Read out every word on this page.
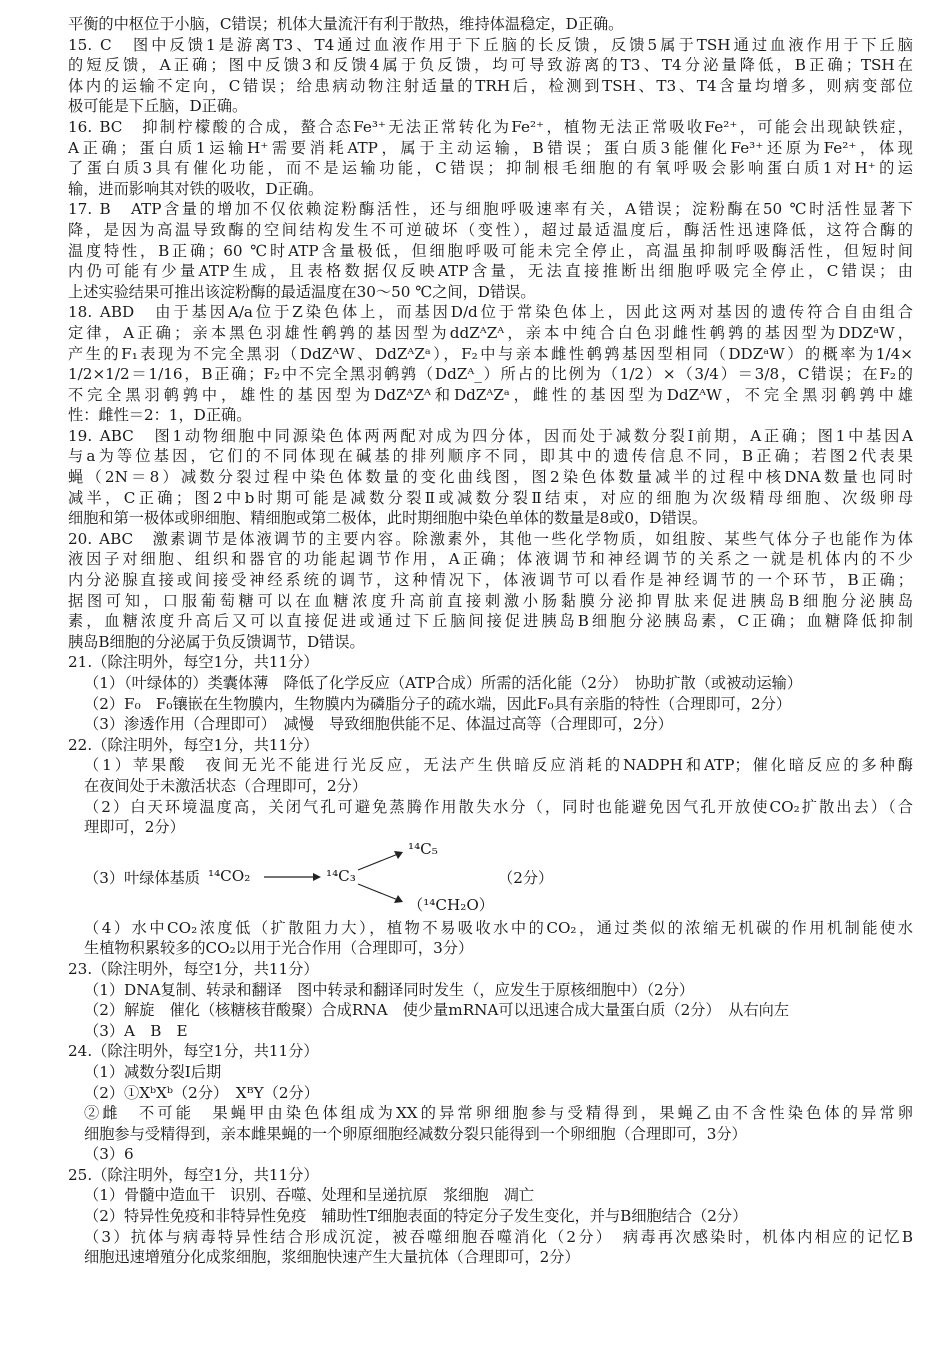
平衡的中枢位于小脑，C错误；机体大量流汗有利于散热，维持体温稳定，D正确。
15. C　图中反馈1是游离T3、T4通过血液作用于下丘脑的长反馈，反馈5属于TSH通过血液作用于下丘脑
的短反馈，A正确；图中反馈3和反馈4属于负反馈，均可导致游离的T3、T4分泌量降低，B正确；TSH在
体内的运输不定向，C错误；给患病动物注射适量的TRH后，检测到TSH、T3、T4含量均增多，则病变部位
极可能是下丘脑，D正确。
16. BC　抑制柠檬酸的合成，螯合态Fe³⁺无法正常转化为Fe²⁺，植物无法正常吸收Fe²⁺，可能会出现缺铁症，
A正确；蛋白质1运输H⁺需要消耗ATP，属于主动运输，B错误；蛋白质3能催化Fe³⁺还原为Fe²⁺，体现
了蛋白质3具有催化功能，而不是运输功能，C错误；抑制根毛细胞的有氧呼吸会影响蛋白质1对H⁺的运
输，进而影响其对铁的吸收，D正确。
17. B　ATP含量的增加不仅依赖淀粉酶活性，还与细胞呼吸速率有关，A错误；淀粉酶在50 ℃时活性显著下
降，是因为高温导致酶的空间结构发生不可逆破坏（变性），超过最适温度后，酶活性迅速降低，这符合酶的
温度特性，B正确；60 ℃时ATP含量极低，但细胞呼吸可能未完全停止，高温虽抑制呼吸酶活性，但短时间
内仍可能有少量ATP生成，且表格数据仅反映ATP含量，无法直接推断出细胞呼吸完全停止，C错误；由
上述实验结果可推出该淀粉酶的最适温度在30～50 ℃之间，D错误。
18. ABD　由于基因A/a位于Z染色体上，而基因D/d位于常染色体上，因此这两对基因的遗传符合自由组合
定律，A正确；亲本黑色羽雄性鹌鹑的基因型为ddZᴬZᴬ，亲本中纯合白色羽雌性鹌鹑的基因型为DDZᵃW，
产生的F₁表现为不完全黑羽（DdZᴬW、DdZᴬZᵃ），F₂中与亲本雌性鹌鹑基因型相同（DDZᵃW）的概率为1/4×
1/2×1/2＝1/16，B正确；F₂中不完全黑羽鹌鹑（DdZᴬ_）所占的比例为（1/2）×（3/4）＝3/8，C错误；在F₂的
不完全黑羽鹌鹑中，雄性的基因型为DdZᴬZᴬ和DdZᴬZᵃ，雌性的基因型为DdZᴬW，不完全黑羽鹌鹑中雄
性：雌性＝2：1，D正确。
19. ABC　图1动物细胞中同源染色体两两配对成为四分体，因而处于减数分裂Ⅰ前期，A正确；图1中基因A
与a为等位基因，它们的不同体现在碱基的排列顺序不同，即其中的遗传信息不同，B正确；若图2代表果
蝇（2N＝8）减数分裂过程中染色体数量的变化曲线图，图2染色体数量减半的过程中核DNA数量也同时
减半，C正确；图2中b时期可能是减数分裂Ⅱ或减数分裂Ⅱ结束，对应的细胞为次级精母细胞、次级卵母
细胞和第一极体或卵细胞、精细胞或第二极体，此时期细胞中染色单体的数量是8或0，D错误。
20. ABC　激素调节是体液调节的主要内容。除激素外，其他一些化学物质，如组胺、某些气体分子也能作为体
液因子对细胞、组织和器官的功能起调节作用，A正确；体液调节和神经调节的关系之一就是机体内的不少
内分泌腺直接或间接受神经系统的调节，这种情况下，体液调节可以看作是神经调节的一个环节，B正确；
据图可知，口服葡萄糖可以在血糖浓度升高前直接刺激小肠黏膜分泌抑胃肽来促进胰岛B细胞分泌胰岛
素，血糖浓度升高后又可以直接促进或通过下丘脑间接促进胰岛B细胞分泌胰岛素，C正确；血糖降低抑制
胰岛B细胞的分泌属于负反馈调节，D错误。
21.（除注明外，每空1分，共11分）
（1）（叶绿体的）类囊体薄　降低了化学反应（ATP合成）所需的活化能（2分）　协助扩散（或被动运输）
（2）F₀　F₀镶嵌在生物膜内，生物膜内为磷脂分子的疏水端，因此F₀具有亲脂的特性（合理即可，2分）
（3）渗透作用（合理即可）　减慢　导致细胞供能不足、体温过高等（合理即可，2分）
22.（除注明外，每空1分，共11分）
（1）苹果酸　夜间无光不能进行光反应，无法产生供暗反应消耗的NADPH和ATP；催化暗反应的多种酶
在夜间处于未激活状态（合理即可，2分）
（2）白天环境温度高，关闭气孔可避免蒸腾作用散失水分（，同时也能避免因气孔开放使CO₂扩散出去）（合
理即可，2分）
（3）叶绿体基质 ¹⁴CO₂	¹⁴C₃
¹⁴C₅
（¹⁴CH₂O）
（2分）
（4）水中CO₂浓度低（扩散阻力大），植物不易吸收水中的CO₂，通过类似的浓缩无机碳的作用机制能使水
生植物积累较多的CO₂以用于光合作用（合理即可，3分）
23.（除注明外，每空1分，共11分）
（1）DNA复制、转录和翻译　图中转录和翻译同时发生（，应发生于原核细胞中）（2分）
（2）解旋　催化（核糖核苷酸聚）合成RNA　使少量mRNA可以迅速合成大量蛋白质（2分）　从右向左
（3）A　B　E
24.（除注明外，每空1分，共11分）
（1）减数分裂Ⅰ后期
（2）①XᵇXᵇ（2分）　XᴮY（2分）
②雌　不可能　果蝇甲由染色体组成为XX的异常卵细胞参与受精得到，果蝇乙由不含性染色体的异常卵
细胞参与受精得到，亲本雌果蝇的一个卵原细胞经减数分裂只能得到一个卵细胞（合理即可，3分）
（3）6
25.（除注明外，每空1分，共11分）
（1）骨髓中造血干　识别、吞噬、处理和呈递抗原　浆细胞　凋亡
（2）特异性免疫和非特异性免疫　辅助性T细胞表面的特定分子发生变化，并与B细胞结合（2分）
（3）抗体与病毒特异性结合形成沉淀，被吞噬细胞吞噬消化（2分）　病毒再次感染时，机体内相应的记忆B
细胞迅速增殖分化成浆细胞，浆细胞快速产生大量抗体（合理即可，2分）
